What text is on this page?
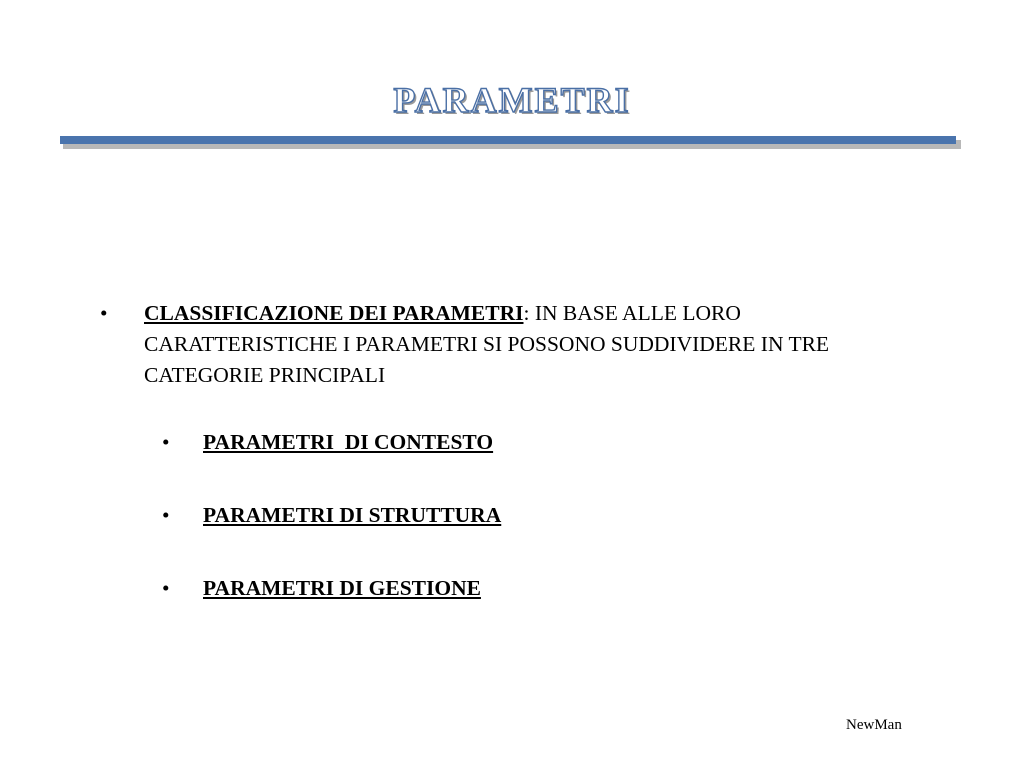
PARAMETRI
• CLASSIFICAZIONE DEI PARAMETRI: IN BASE ALLE LORO CARATTERISTICHE I PARAMETRI SI POSSONO SUDDIVIDERE IN TRE CATEGORIE PRINCIPALI
• PARAMETRI  DI CONTESTO
• PARAMETRI DI STRUTTURA
• PARAMETRI DI GESTIONE
NewMan
